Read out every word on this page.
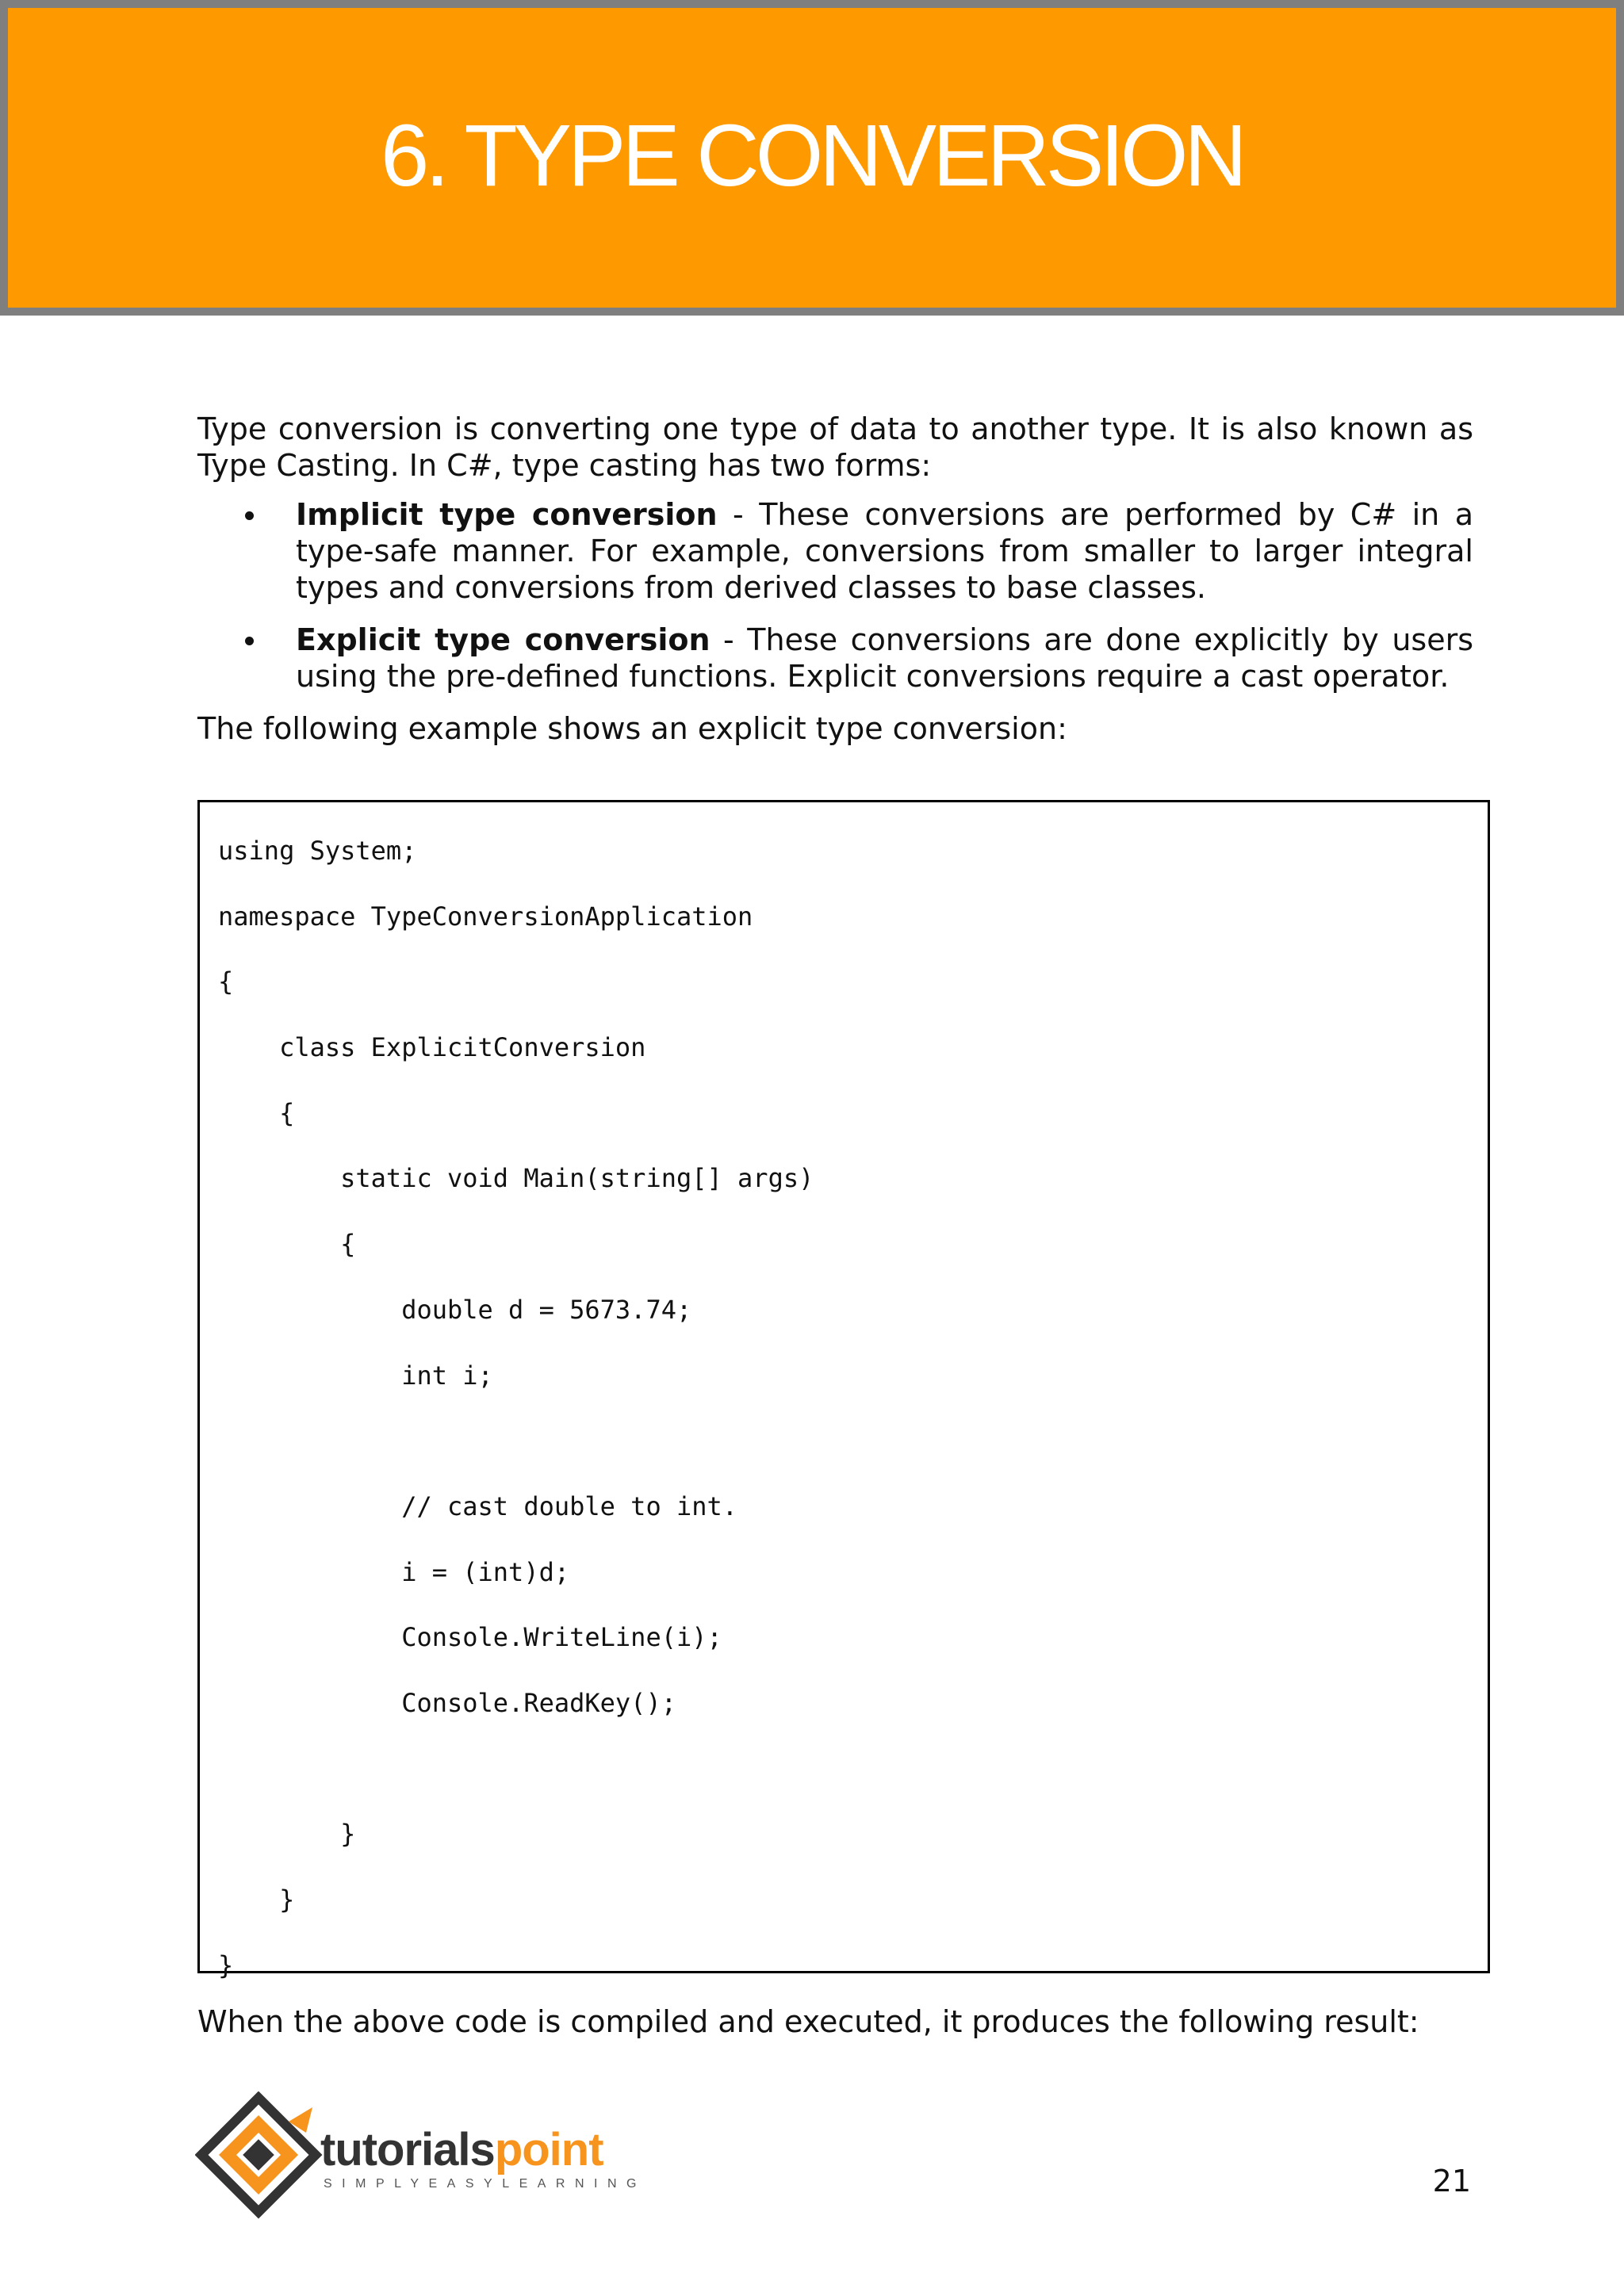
6. TYPE CONVERSION

Type conversion is converting one type of data to another type. It is also known as Type Casting. In C#, type casting has two forms:

Implicit type conversion - These conversions are performed by C# in a type-safe manner. For example, conversions from smaller to larger integral types and conversions from derived classes to base classes.
Explicit type conversion - These conversions are done explicitly by users using the pre-defined functions. Explicit conversions require a cast operator.

The following example shows an explicit type conversion:

using System;
namespace TypeConversionApplication
{
class ExplicitConversion
{
static void Main(string[] args)
{
double d = 5673.74;
int i;
// cast double to int.
i = (int)d;
Console.WriteLine(i);
Console.ReadKey();
}
}
}

When the above code is compiled and executed, it produces the following result:

tutorialspoint
SIMPLYEASYLEARNING	21
